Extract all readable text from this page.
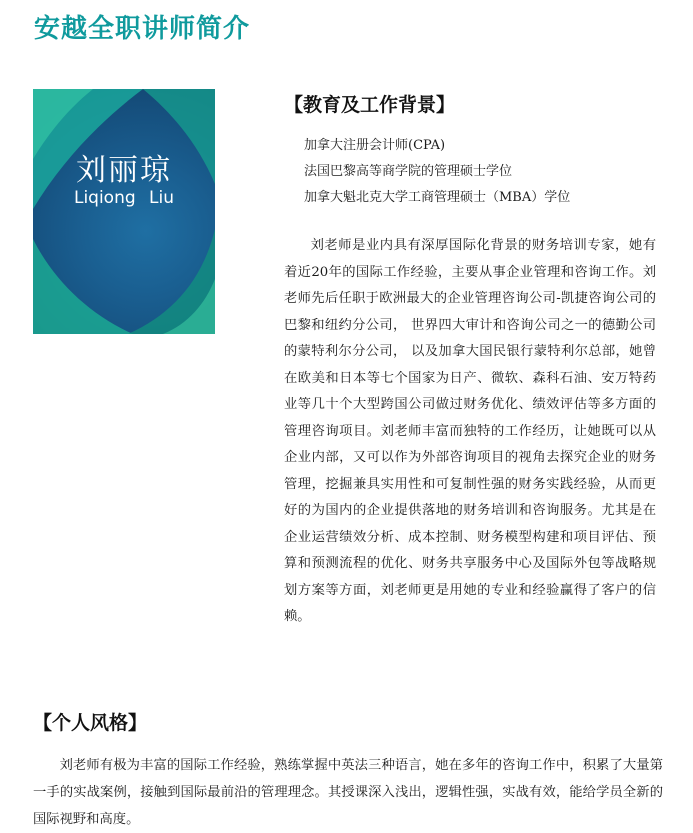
安越全职讲师简介
刘丽琼
Liqiong Liu
【教育及工作背景】
加拿大注册会计师(CPA)
法国巴黎高等商学院的管理硕士学位
加拿大魁北克大学工商管理硕士（MBA）学位

刘老师是业内具有深厚国际化背景的财务培训专家，她有着近20年的国际工作经验，主要从事企业管理和咨询工作。刘老师先后任职于欧洲最大的企业管理咨询公司-凯捷咨询公司的巴黎和纽约分公司， 世界四大审计和咨询公司之一的德勤公司的蒙特利尔分公司， 以及加拿大国民银行蒙特利尔总部，她曾在欧美和日本等七个国家为日产、微软、森科石油、安万特药业等几十个大型跨国公司做过财务优化、绩效评估等多方面的管理咨询项目。刘老师丰富而独特的工作经历，让她既可以从企业内部，又可以作为外部咨询项目的视角去探究企业的财务管理，挖掘兼具实用性和可复制性强的财务实践经验，从而更好的为国内的企业提供落地的财务培训和咨询服务。尤其是在企业运营绩效分析、成本控制、财务模型构建和项目评估、预算和预测流程的优化、财务共享服务中心及国际外包等战略规划方案等方面，刘老师更是用她的专业和经验赢得了客户的信赖。

【个人风格】

刘老师有极为丰富的国际工作经验，熟练掌握中英法三种语言，她在多年的咨询工作中，积累了大量第一手的实战案例，接触到国际最前沿的管理理念。其授课深入浅出，逻辑性强，实战有效，能给学员全新的国际视野和高度。
